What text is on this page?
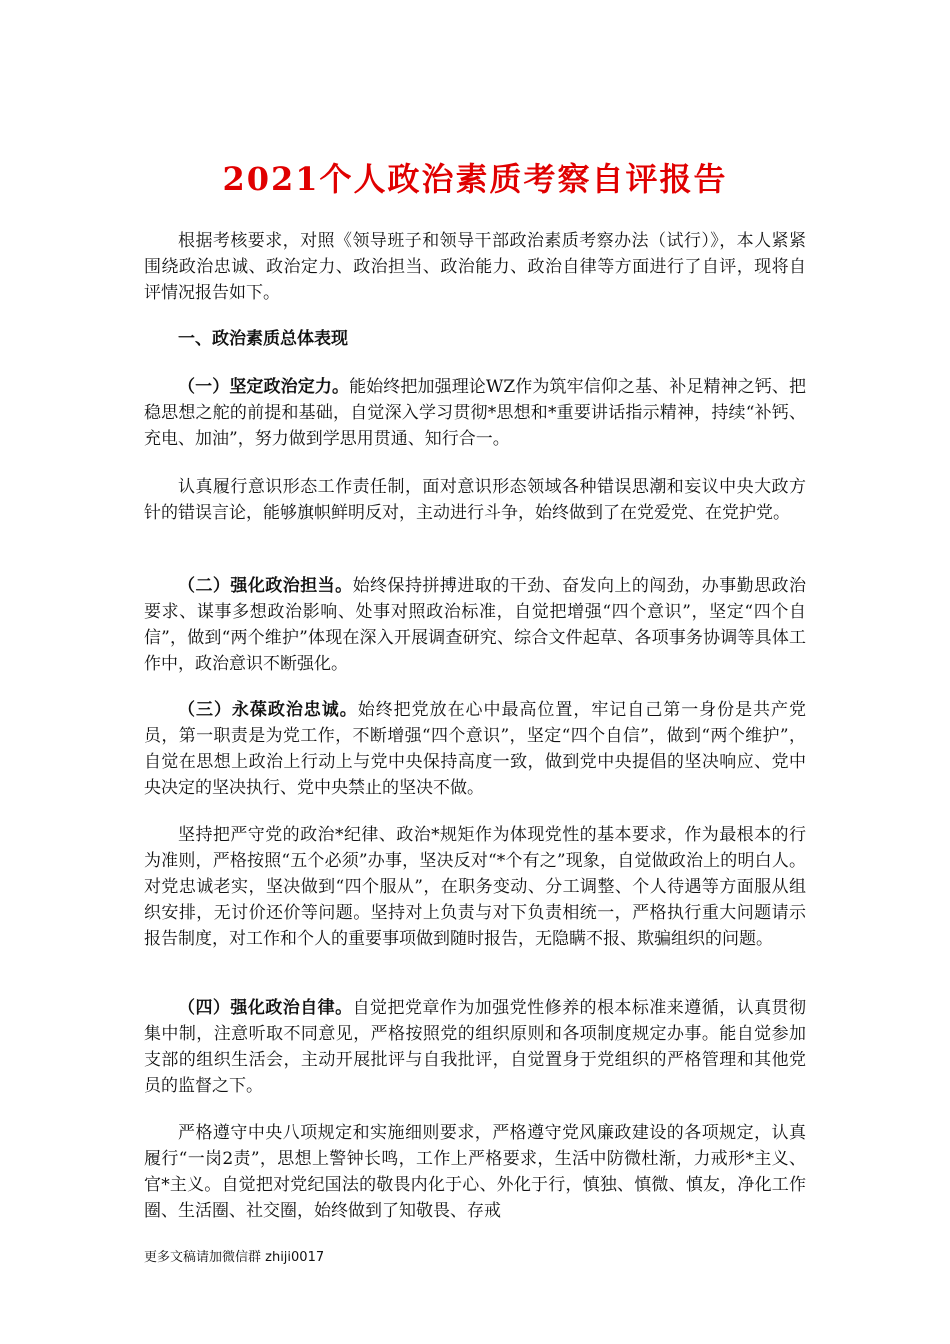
2021个人政治素质考察自评报告
根据考核要求，对照《领导班子和领导干部政治素质考察办法（试行）》，本人紧紧围绕政治忠诚、政治定力、政治担当、政治能力、政治自律等方面进行了自评，现将自评情况报告如下。
一、政治素质总体表现
（一）坚定政治定力。能始终把加强理论WZ作为筑牢信仰之基、补足精神之钙、把稳思想之舵的前提和基础，自觉深入学习贯彻*思想和*重要讲话指示精神，持续“补钙、充电、加油”，努力做到学思用贯通、知行合一。
认真履行意识形态工作责任制，面对意识形态领域各种错误思潮和妄议中央大政方针的错误言论，能够旗帜鲜明反对，主动进行斗争，始终做到了在党爱党、在党护党。
（二）强化政治担当。始终保持拼搏进取的干劲、奋发向上的闯劲，办事勤思政治要求、谋事多想政治影响、处事对照政治标准，自觉把增强“四个意识”，坚定“四个自信”，做到“两个维护”体现在深入开展调查研究、综合文件起草、各项事务协调等具体工作中，政治意识不断强化。
（三）永葆政治忠诚。始终把党放在心中最高位置，牢记自己第一身份是共产党员，第一职责是为党工作，不断增强“四个意识”，坚定“四个自信”，做到“两个维护”，自觉在思想上政治上行动上与党中央保持高度一致，做到党中央提倡的坚决响应、党中央决定的坚决执行、党中央禁止的坚决不做。
坚持把严守党的政治*纪律、政治*规矩作为体现党性的基本要求，作为最根本的行为准则，严格按照“五个必须”办事，坚决反对“*个有之”现象，自觉做政治上的明白人。对党忠诚老实，坚决做到“四个服从”，在职务变动、分工调整、个人待遇等方面服从组织安排，无讨价还价等问题。坚持对上负责与对下负责相统一，严格执行重大问题请示报告制度，对工作和个人的重要事项做到随时报告，无隐瞒不报、欺骗组织的问题。
（四）强化政治自律。自觉把党章作为加强党性修养的根本标准来遵循，认真贯彻集中制，注意听取不同意见，严格按照党的组织原则和各项制度规定办事。能自觉参加支部的组织生活会，主动开展批评与自我批评，自觉置身于党组织的严格管理和其他党员的监督之下。
严格遵守中央八项规定和实施细则要求，严格遵守党风廉政建设的各项规定，认真履行“一岗2责”，思想上警钟长鸣，工作上严格要求，生活中防微杜渐，力戒形*主义、官*主义。自觉把对党纪国法的敬畏内化于心、外化于行，慎独、慎微、慎友，净化工作圈、生活圈、社交圈，始终做到了知敬畏、存戒
更多文稿请加微信群 zhiji0017
